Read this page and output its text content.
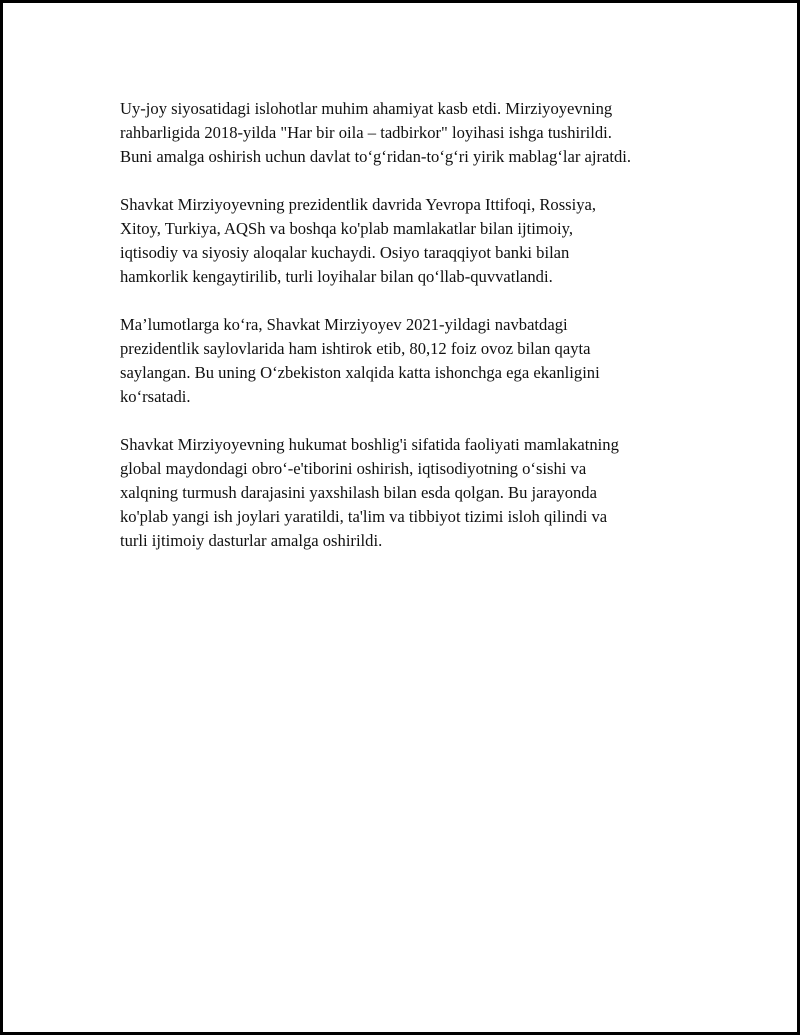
Uy-joy siyosatidagi islohotlar muhim ahamiyat kasb etdi. Mirziyoyevning
rahbarligida 2018-yilda "Har bir oila – tadbirkor" loyihasi ishga tushirildi.
Buni amalga oshirish uchun davlat to‘g‘ridan-to‘g‘ri yirik mablag‘lar ajratdi.

Shavkat Mirziyoyevning prezidentlik davrida Yevropa Ittifoqi, Rossiya,
Xitoy, Turkiya, AQSh va boshqa ko'plab mamlakatlar bilan ijtimoiy,
iqtisodiy va siyosiy aloqalar kuchaydi. Osiyo taraqqiyot banki bilan
hamkorlik kengaytirilib, turli loyihalar bilan qo‘llab-quvvatlandi.

Ma’lumotlarga ko‘ra, Shavkat Mirziyoyev 2021-yildagi navbatdagi
prezidentlik saylovlarida ham ishtirok etib, 80,12 foiz ovoz bilan qayta
saylangan. Bu uning O‘zbekiston xalqida katta ishonchga ega ekanligini
ko‘rsatadi.

Shavkat Mirziyoyevning hukumat boshlig'i sifatida faoliyati mamlakatning
global maydondagi obro‘-e'tiborini oshirish, iqtisodiyotning o‘sishi va
xalqning turmush darajasini yaxshilash bilan esda qolgan. Bu jarayonda
ko'plab yangi ish joylari yaratildi, ta'lim va tibbiyot tizimi isloh qilindi va
turli ijtimoiy dasturlar amalga oshirildi.
